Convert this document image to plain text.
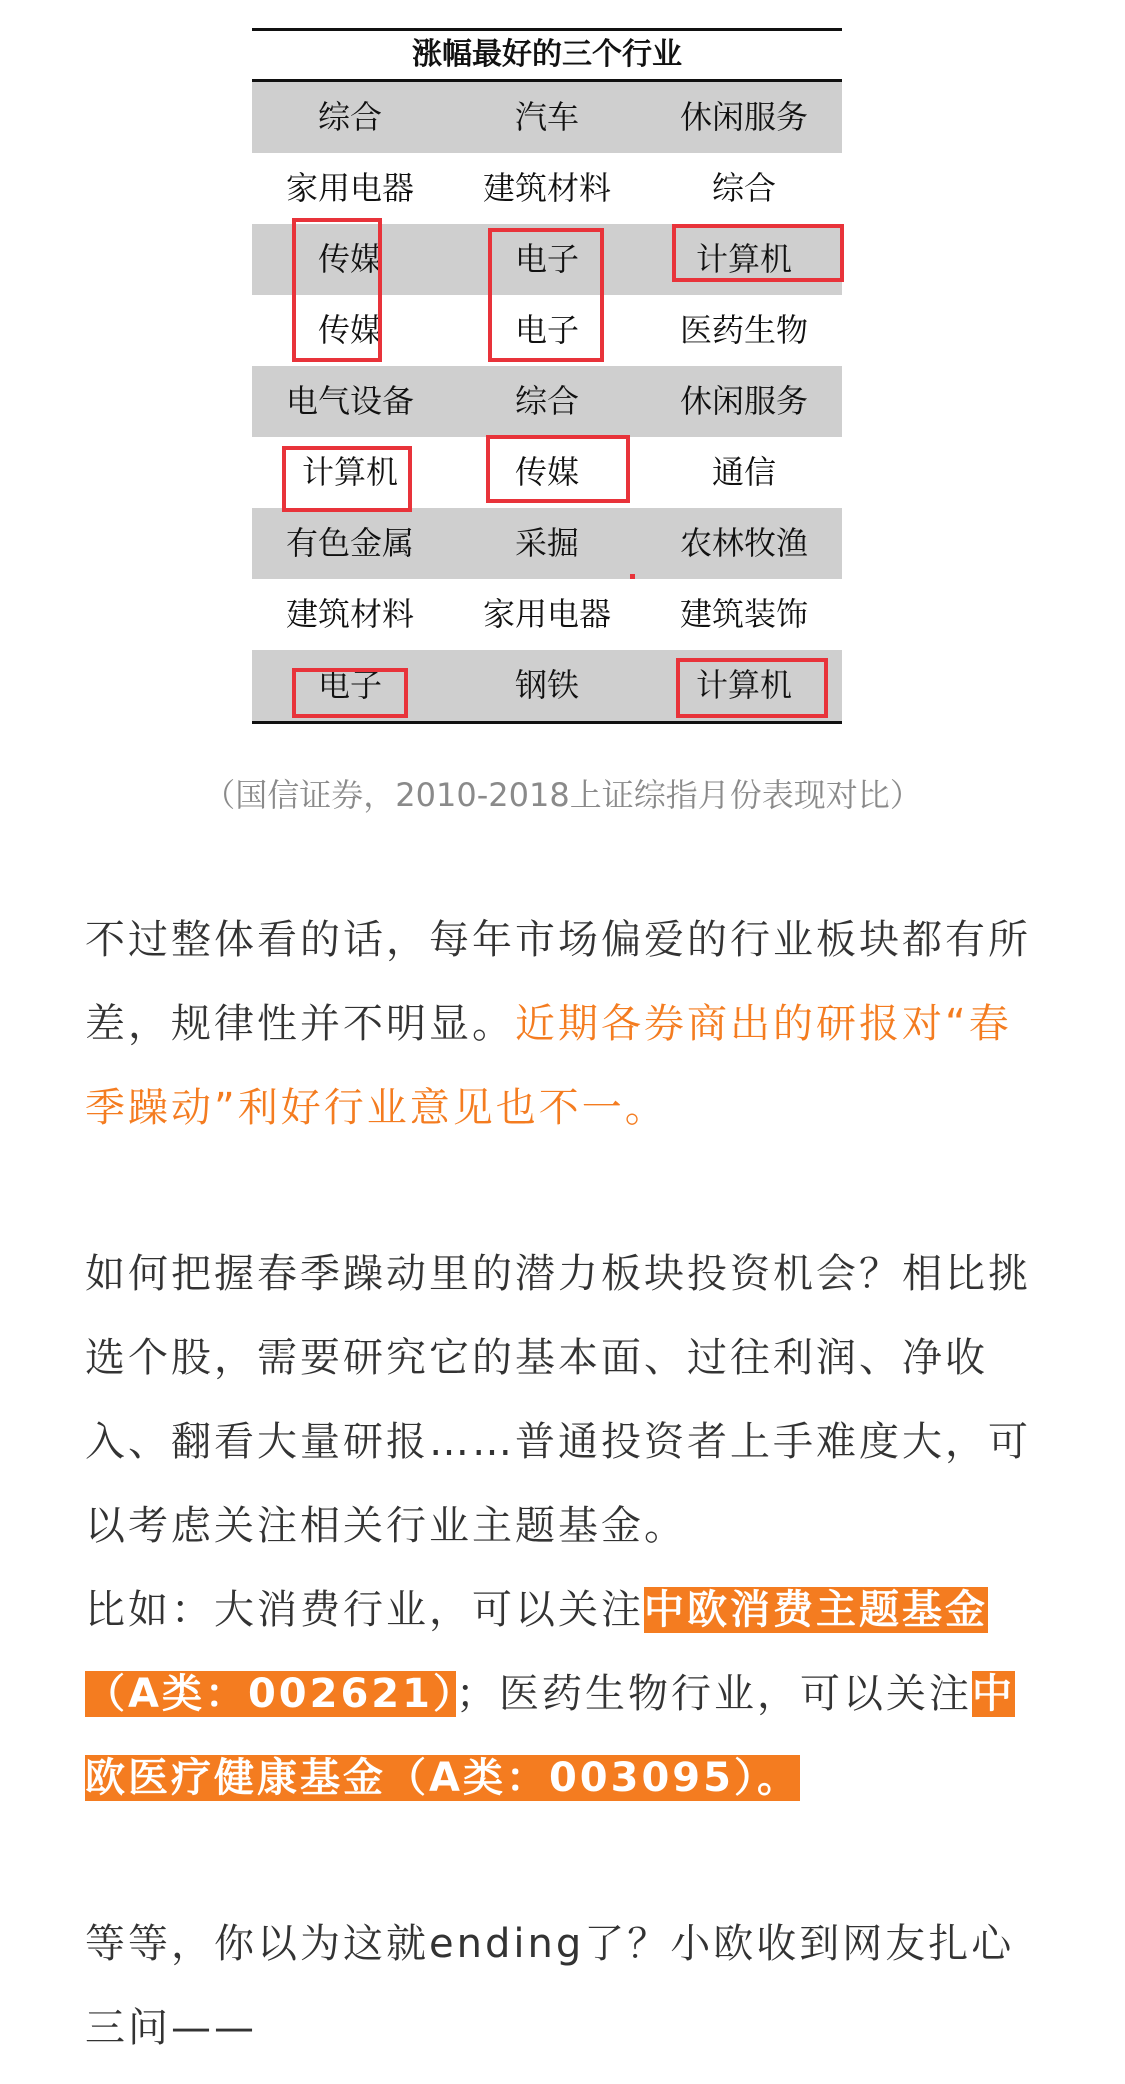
涨幅最好的三个行业
综合	汽车	休闲服务
家用电器	建筑材料	综合
传媒	电子	计算机
传媒	电子	医药生物
电气设备	综合	休闲服务
计算机	传媒	通信
有色金属	采掘	农林牧渔
建筑材料	家用电器	建筑装饰
电子	钢铁	计算机
（国信证券，2010-2018上证综指月份表现对比）

不过整体看的话，每年市场偏爱的行业板块都有所差，规律性并不明显。近期各券商出的研报对“春季躁动”利好行业意见也不一。

如何把握春季躁动里的潜力板块投资机会？相比挑选个股，需要研究它的基本面、过往利润、净收入、翻看大量研报……普通投资者上手难度大，可以考虑关注相关行业主题基金。

比如：大消费行业，可以关注中欧消费主题基金（A类：002621）；医药生物行业，可以关注中欧医疗健康基金（A类：003095）。

等等，你以为这就ending了？小欧收到网友扎心三问——
